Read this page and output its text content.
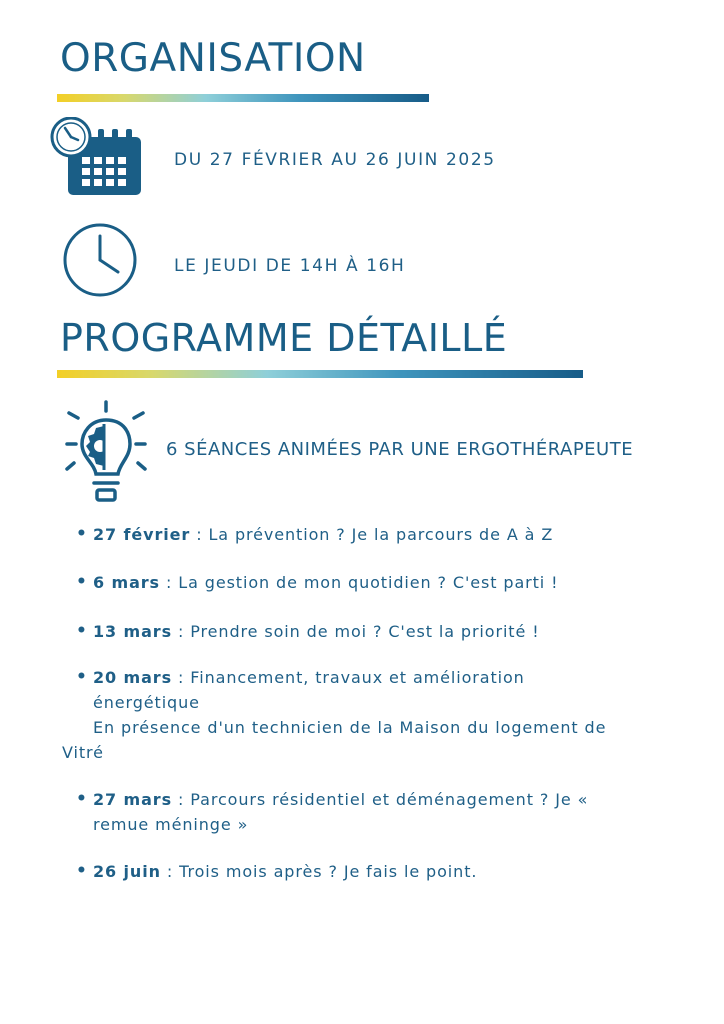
ORGANISATION
DU 27 FÉVRIER AU 26 JUIN 2025
LE JEUDI DE 14H À 16H
PROGRAMME DÉTAILLÉ
6 SÉANCES ANIMÉES PAR UNE ERGOTHÉRAPEUTE
• 27 février : La prévention ? Je la parcours de A à Z
• 6 mars : La gestion de mon quotidien ? C'est parti !
• 13 mars : Prendre soin de moi ? C'est la priorité !
• 20 mars : Financement, travaux et amélioration
énergétique
En présence d'un technicien de la Maison du logement de
Vitré
• 27 mars : Parcours résidentiel et déménagement ? Je «
remue méninge »
• 26 juin : Trois mois après ? Je fais le point.
